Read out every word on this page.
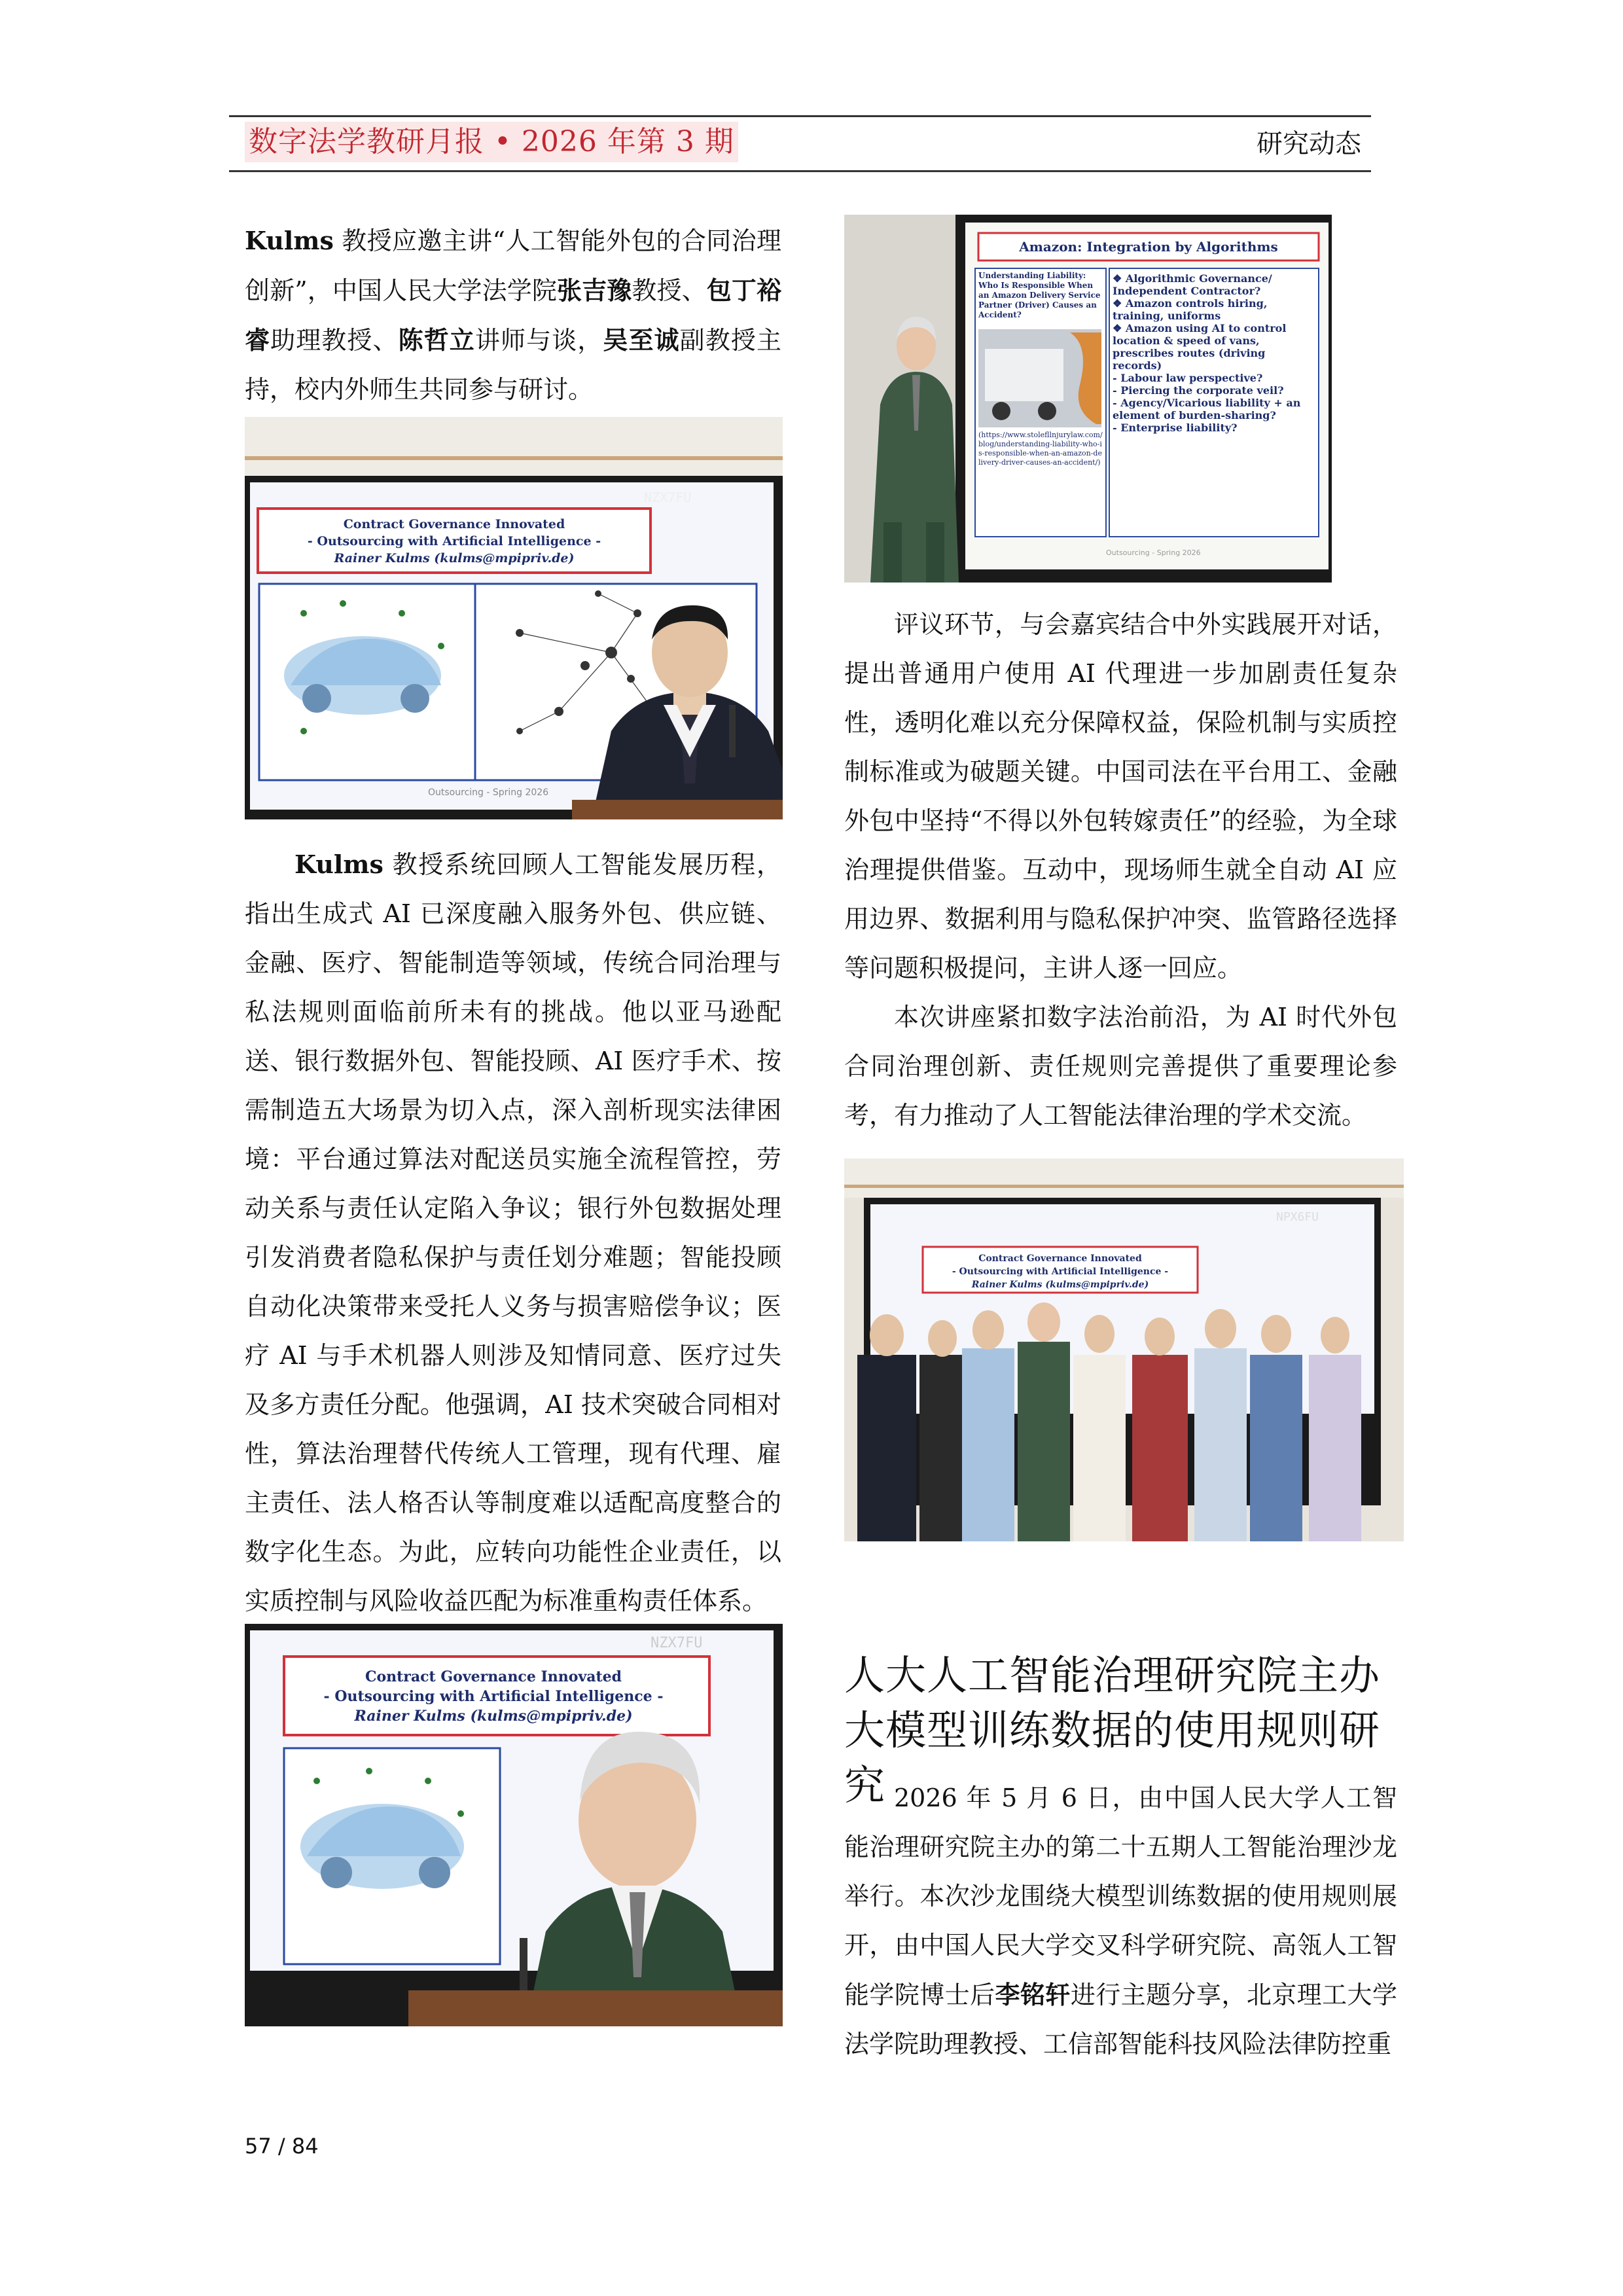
数字法学教研月报 • 2026 年第 3 期	研究动态

Kulms 教授应邀主讲“人工智能外包的合同治理创新”，中国人民大学法学院张吉豫教授、包丁裕睿助理教授、陈哲立讲师与谈，吴至诚副教授主持，校内外师生共同参与研讨。

NZX7FU
Contract Governance Innovated
- Outsourcing with Artificial Intelligence -
Rainer Kulms (kulms@mpipriv.de)
Outsourcing - Spring 2026

Kulms 教授系统回顾人工智能发展历程，指出生成式 AI 已深度融入服务外包、供应链、金融、医疗、智能制造等领域，传统合同治理与私法规则面临前所未有的挑战。他以亚马逊配送、银行数据外包、智能投顾、AI 医疗手术、按需制造五大场景为切入点，深入剖析现实法律困境：平台通过算法对配送员实施全流程管控，劳动关系与责任认定陷入争议；银行外包数据处理引发消费者隐私保护与责任划分难题；智能投顾自动化决策带来受托人义务与损害赔偿争议；医疗 AI 与手术机器人则涉及知情同意、医疗过失及多方责任分配。他强调，AI 技术突破合同相对性，算法治理替代传统人工管理，现有代理、雇主责任、法人格否认等制度难以适配高度整合的数字化生态。为此，应转向功能性企业责任，以实质控制与风险收益匹配为标准重构责任体系。

NZX7FU
Contract Governance Innovated
- Outsourcing with Artificial Intelligence -
Rainer Kulms (kulms@mpipriv.de)
Amazon: Integration by Algorithms
Understanding Liability: Who Is Responsible When an Amazon Delivery Service Partner (Driver) Causes an Accident?
(https://www.stolefllnjurylaw.com/blog/understanding-liability-who-is-responsible-when-an-amazon-delivery-driver-causes-an-accident/)
❖ Algorithmic Governance/ Independent Contractor?
❖ Amazon controls hiring, training, uniforms
❖ Amazon using AI to control location & speed of vans, prescribes routes (driving records)
- Labour law perspective?
- Piercing the corporate veil?
- Agency/Vicarious liability + an element of burden-sharing?
- Enterprise liability?
Outsourcing - Spring 2026

评议环节，与会嘉宾结合中外实践展开对话，提出普通用户使用 AI 代理进一步加剧责任复杂性，透明化难以充分保障权益，保险机制与实质控制标准或为破题关键。中国司法在平台用工、金融外包中坚持“不得以外包转嫁责任”的经验，为全球治理提供借鉴。互动中，现场师生就全自动 AI 应用边界、数据利用与隐私保护冲突、监管路径选择等问题积极提问，主讲人逐一回应。

本次讲座紧扣数字法治前沿，为 AI 时代外包合同治理创新、责任规则完善提供了重要理论参考，有力推动了人工智能法律治理的学术交流。

NPX6FU
Contract Governance Innovated
- Outsourcing with Artificial Intelligence -
Rainer Kulms (kulms@mpipriv.de)
人大人工智能治理研究院主办大模型训练数据的使用规则研究 2026 年 5 月 6 日，由中国人民大学人工智能治理研究院主办的第二十五期人工智能治理沙龙举行。本次沙龙围绕大模型训练数据的使用规则展开，由中国人民大学交叉科学研究院、高瓴人工智能学院博士后李铭轩进行主题分享，北京理工大学法学院助理教授、工信部智能科技风险法律防控重

57 / 84
